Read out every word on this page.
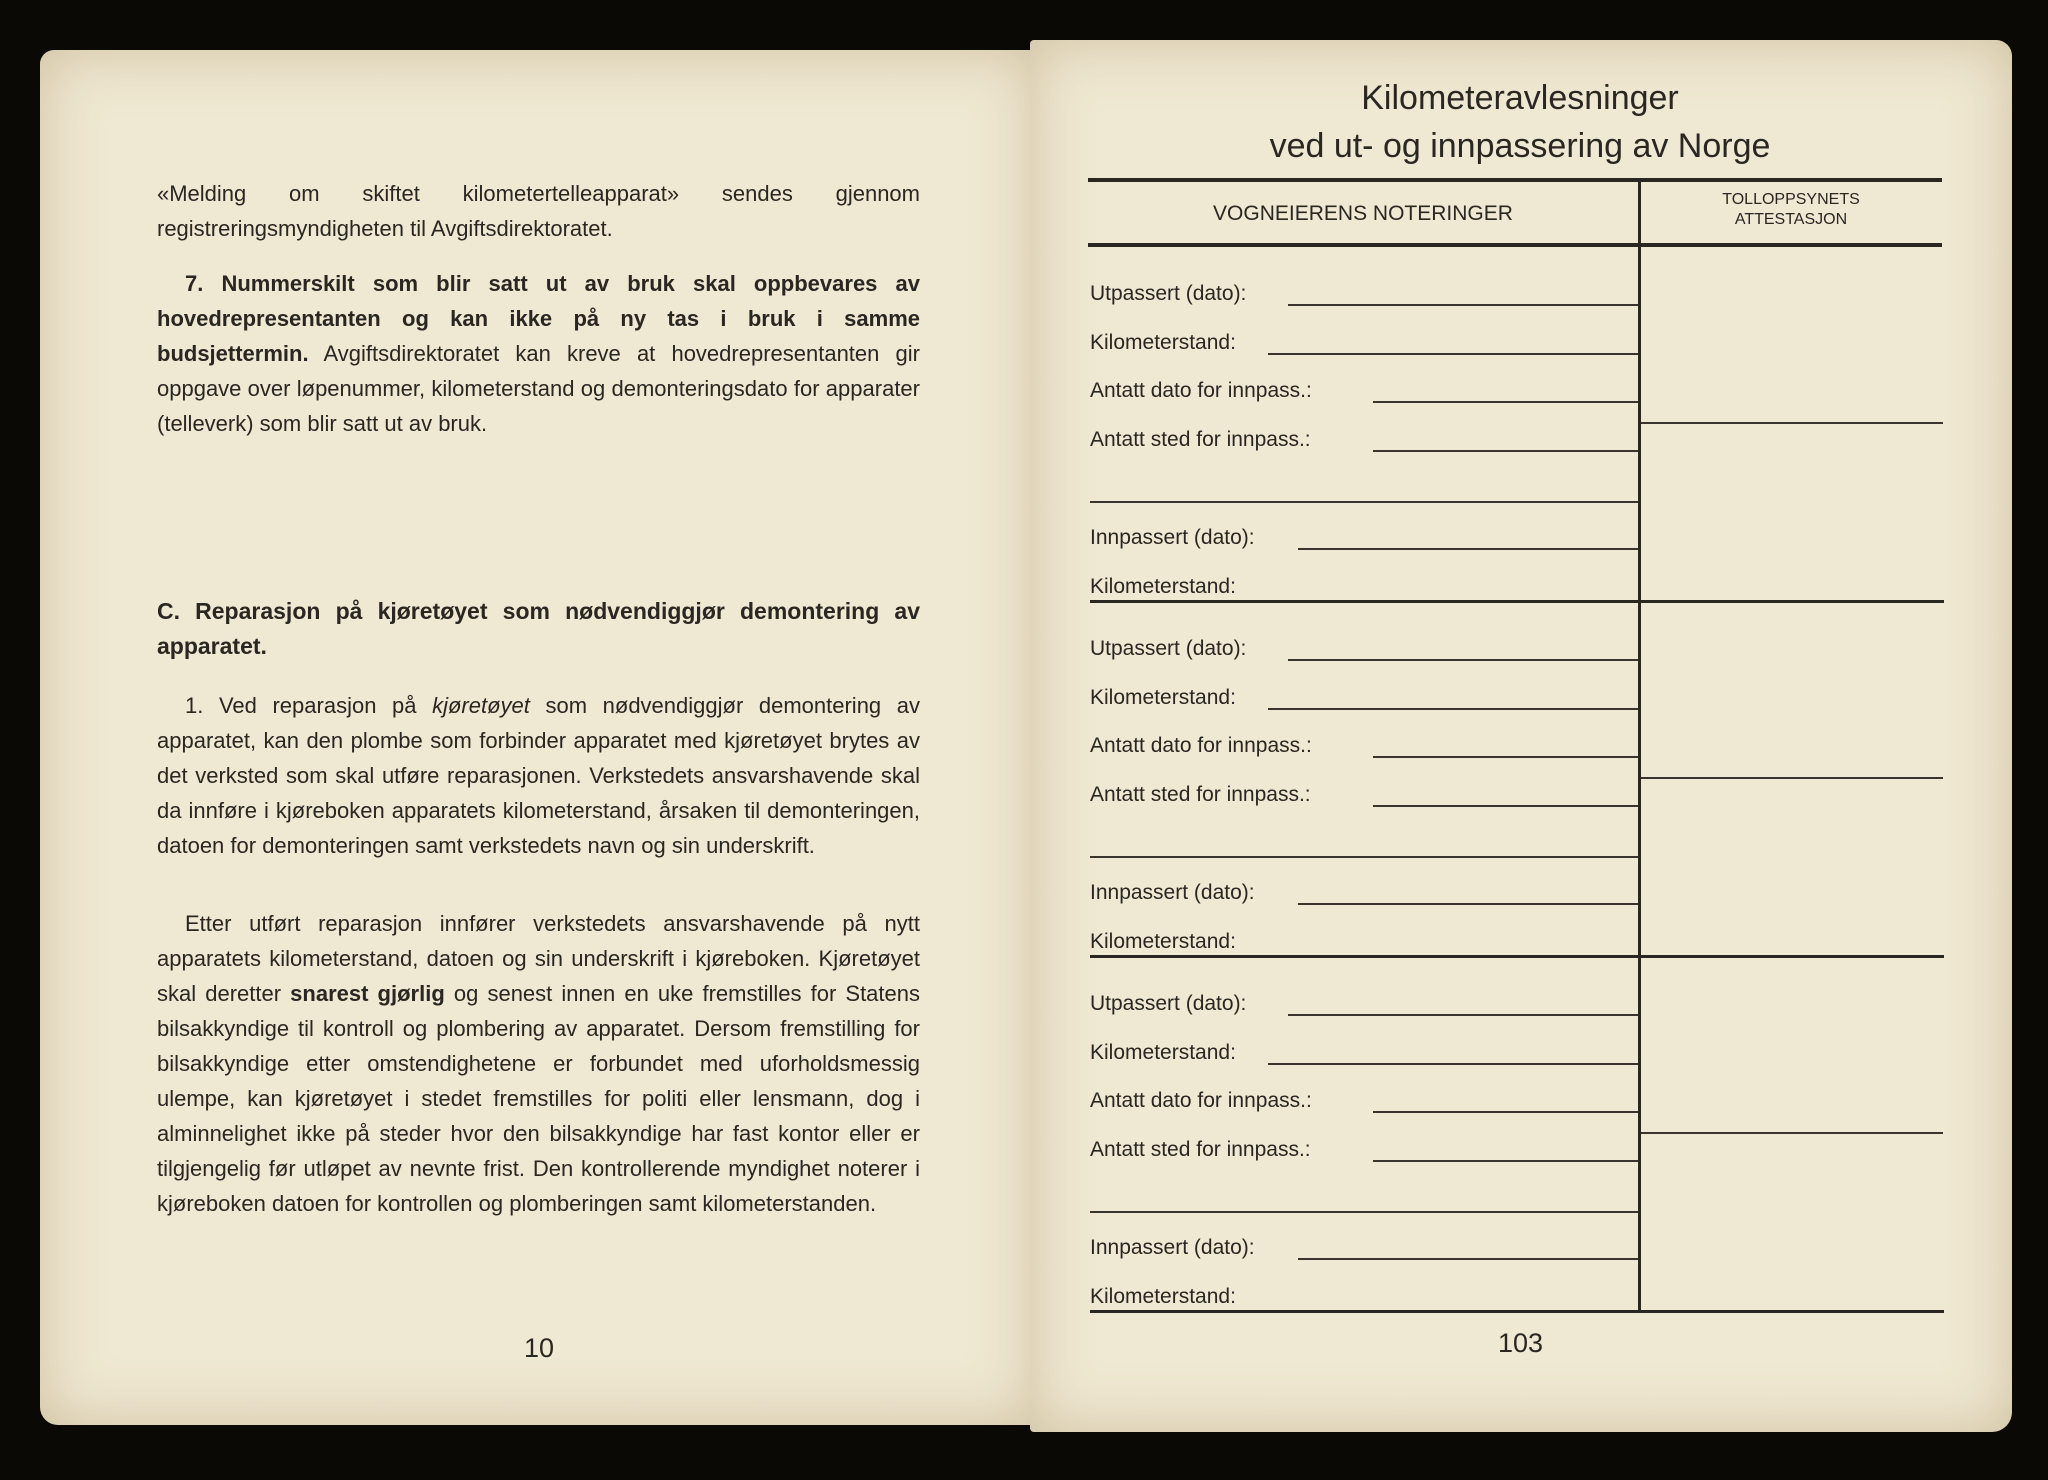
«Melding om skiftet kilometertelleapparat» sendes gjennom registreringsmyndigheten til Avgiftsdirektoratet.

7. Nummerskilt som blir satt ut av bruk skal oppbevares av hovedrepresentanten og kan ikke på ny tas i bruk i samme budsjettermin. Avgiftsdirektoratet kan kreve at hovedrepresentanten gir oppgave over løpenummer, kilometerstand og demonteringsdato for apparater (telleverk) som blir satt ut av bruk.

C. Reparasjon på kjøretøyet som nødvendiggjør demontering av apparatet.

1. Ved reparasjon på kjøretøyet som nødvendiggjør demontering av apparatet, kan den plombe som forbinder apparatet med kjøretøyet brytes av det verksted som skal utføre reparasjonen. Verkstedets ansvarshavende skal da innføre i kjøreboken apparatets kilometerstand, årsaken til demonteringen, datoen for demonteringen samt verkstedets navn og sin underskrift.

Etter utført reparasjon innfører verkstedets ansvarshavende på nytt apparatets kilometerstand, datoen og sin underskrift i kjøreboken. Kjøretøyet skal deretter snarest gjørlig og senest innen en uke fremstilles for Statens bilsakkyndige til kontroll og plombering av apparatet. Dersom fremstilling for bilsakkyndige etter omstendighetene er forbundet med uforholdsmessig ulempe, kan kjøretøyet i stedet fremstilles for politi eller lensmann, dog i alminnelighet ikke på steder hvor den bilsakkyndige har fast kontor eller er tilgjengelig før utløpet av nevnte frist. Den kontrollerende myndighet noterer i kjøreboken datoen for kontrollen og plomberingen samt kilometerstanden.

10
Kilometeravlesninger
ved ut- og innpassering av Norge
VOGNEIERENS NOTERINGER
TOLLOPPSYNETS
ATTESTASJON
Utpassert (dato):
Kilometerstand:
Antatt dato for innpass.:
Antatt sted for innpass.:
Innpassert (dato):
Kilometerstand:
Utpassert (dato):
Kilometerstand:
Antatt dato for innpass.:
Antatt sted for innpass.:
Innpassert (dato):
Kilometerstand:
Utpassert (dato):
Kilometerstand:
Antatt dato for innpass.:
Antatt sted for innpass.:
Innpassert (dato):
Kilometerstand:
103
